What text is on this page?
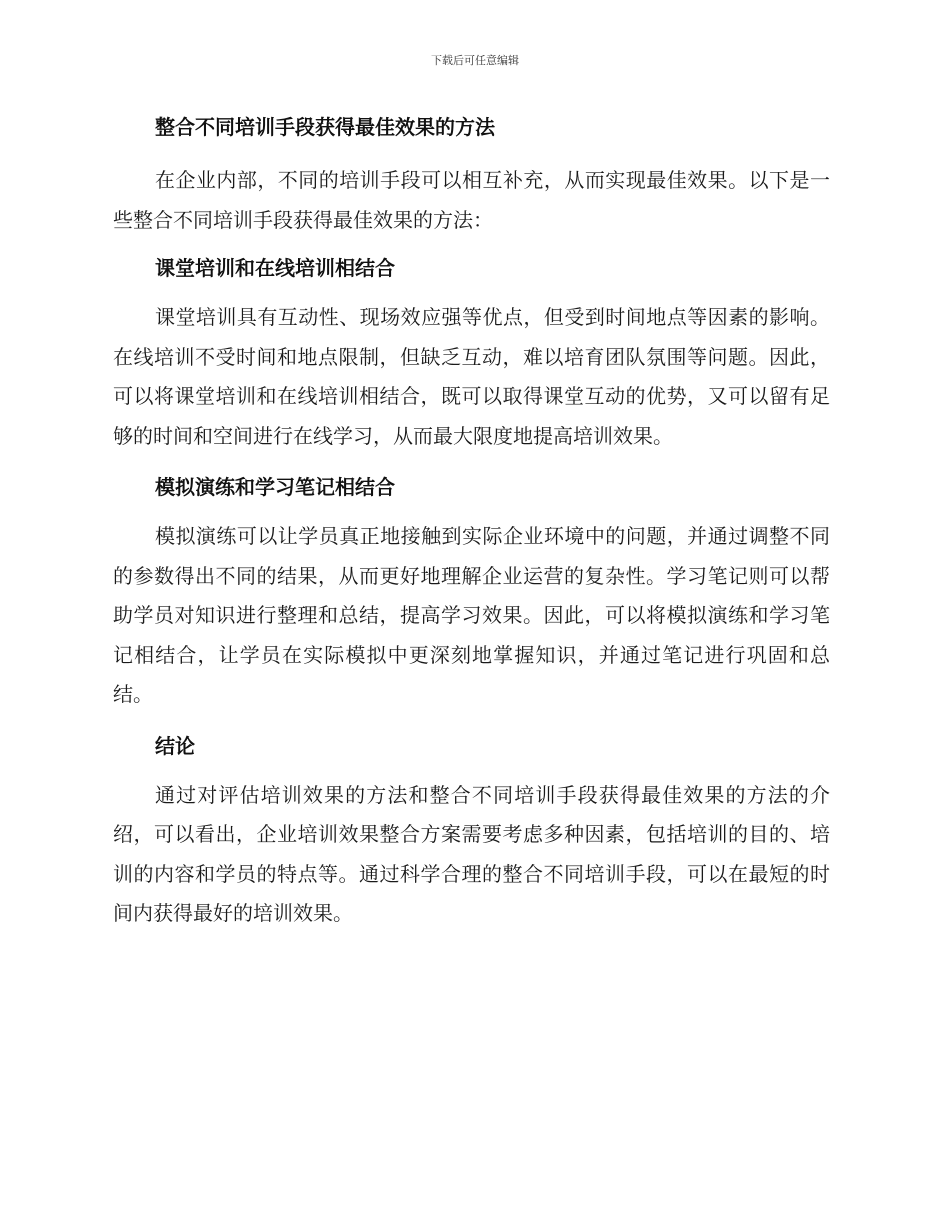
下载后可任意编辑
整合不同培训手段获得最佳效果的方法

在企业内部，不同的培训手段可以相互补充，从而实现最佳效果。以下是一些整合不同培训手段获得最佳效果的方法：

课堂培训和在线培训相结合

课堂培训具有互动性、现场效应强等优点，但受到时间地点等因素的影响。在线培训不受时间和地点限制，但缺乏互动，难以培育团队氛围等问题。因此，可以将课堂培训和在线培训相结合，既可以取得课堂互动的优势，又可以留有足够的时间和空间进行在线学习，从而最大限度地提高培训效果。

模拟演练和学习笔记相结合

模拟演练可以让学员真正地接触到实际企业环境中的问题，并通过调整不同的参数得出不同的结果，从而更好地理解企业运营的复杂性。学习笔记则可以帮助学员对知识进行整理和总结，提高学习效果。因此，可以将模拟演练和学习笔记相结合，让学员在实际模拟中更深刻地掌握知识，并通过笔记进行巩固和总结。

结论

通过对评估培训效果的方法和整合不同培训手段获得最佳效果的方法的介绍，可以看出，企业培训效果整合方案需要考虑多种因素，包括培训的目的、培训的内容和学员的特点等。通过科学合理的整合不同培训手段，可以在最短的时间内获得最好的培训效果。
